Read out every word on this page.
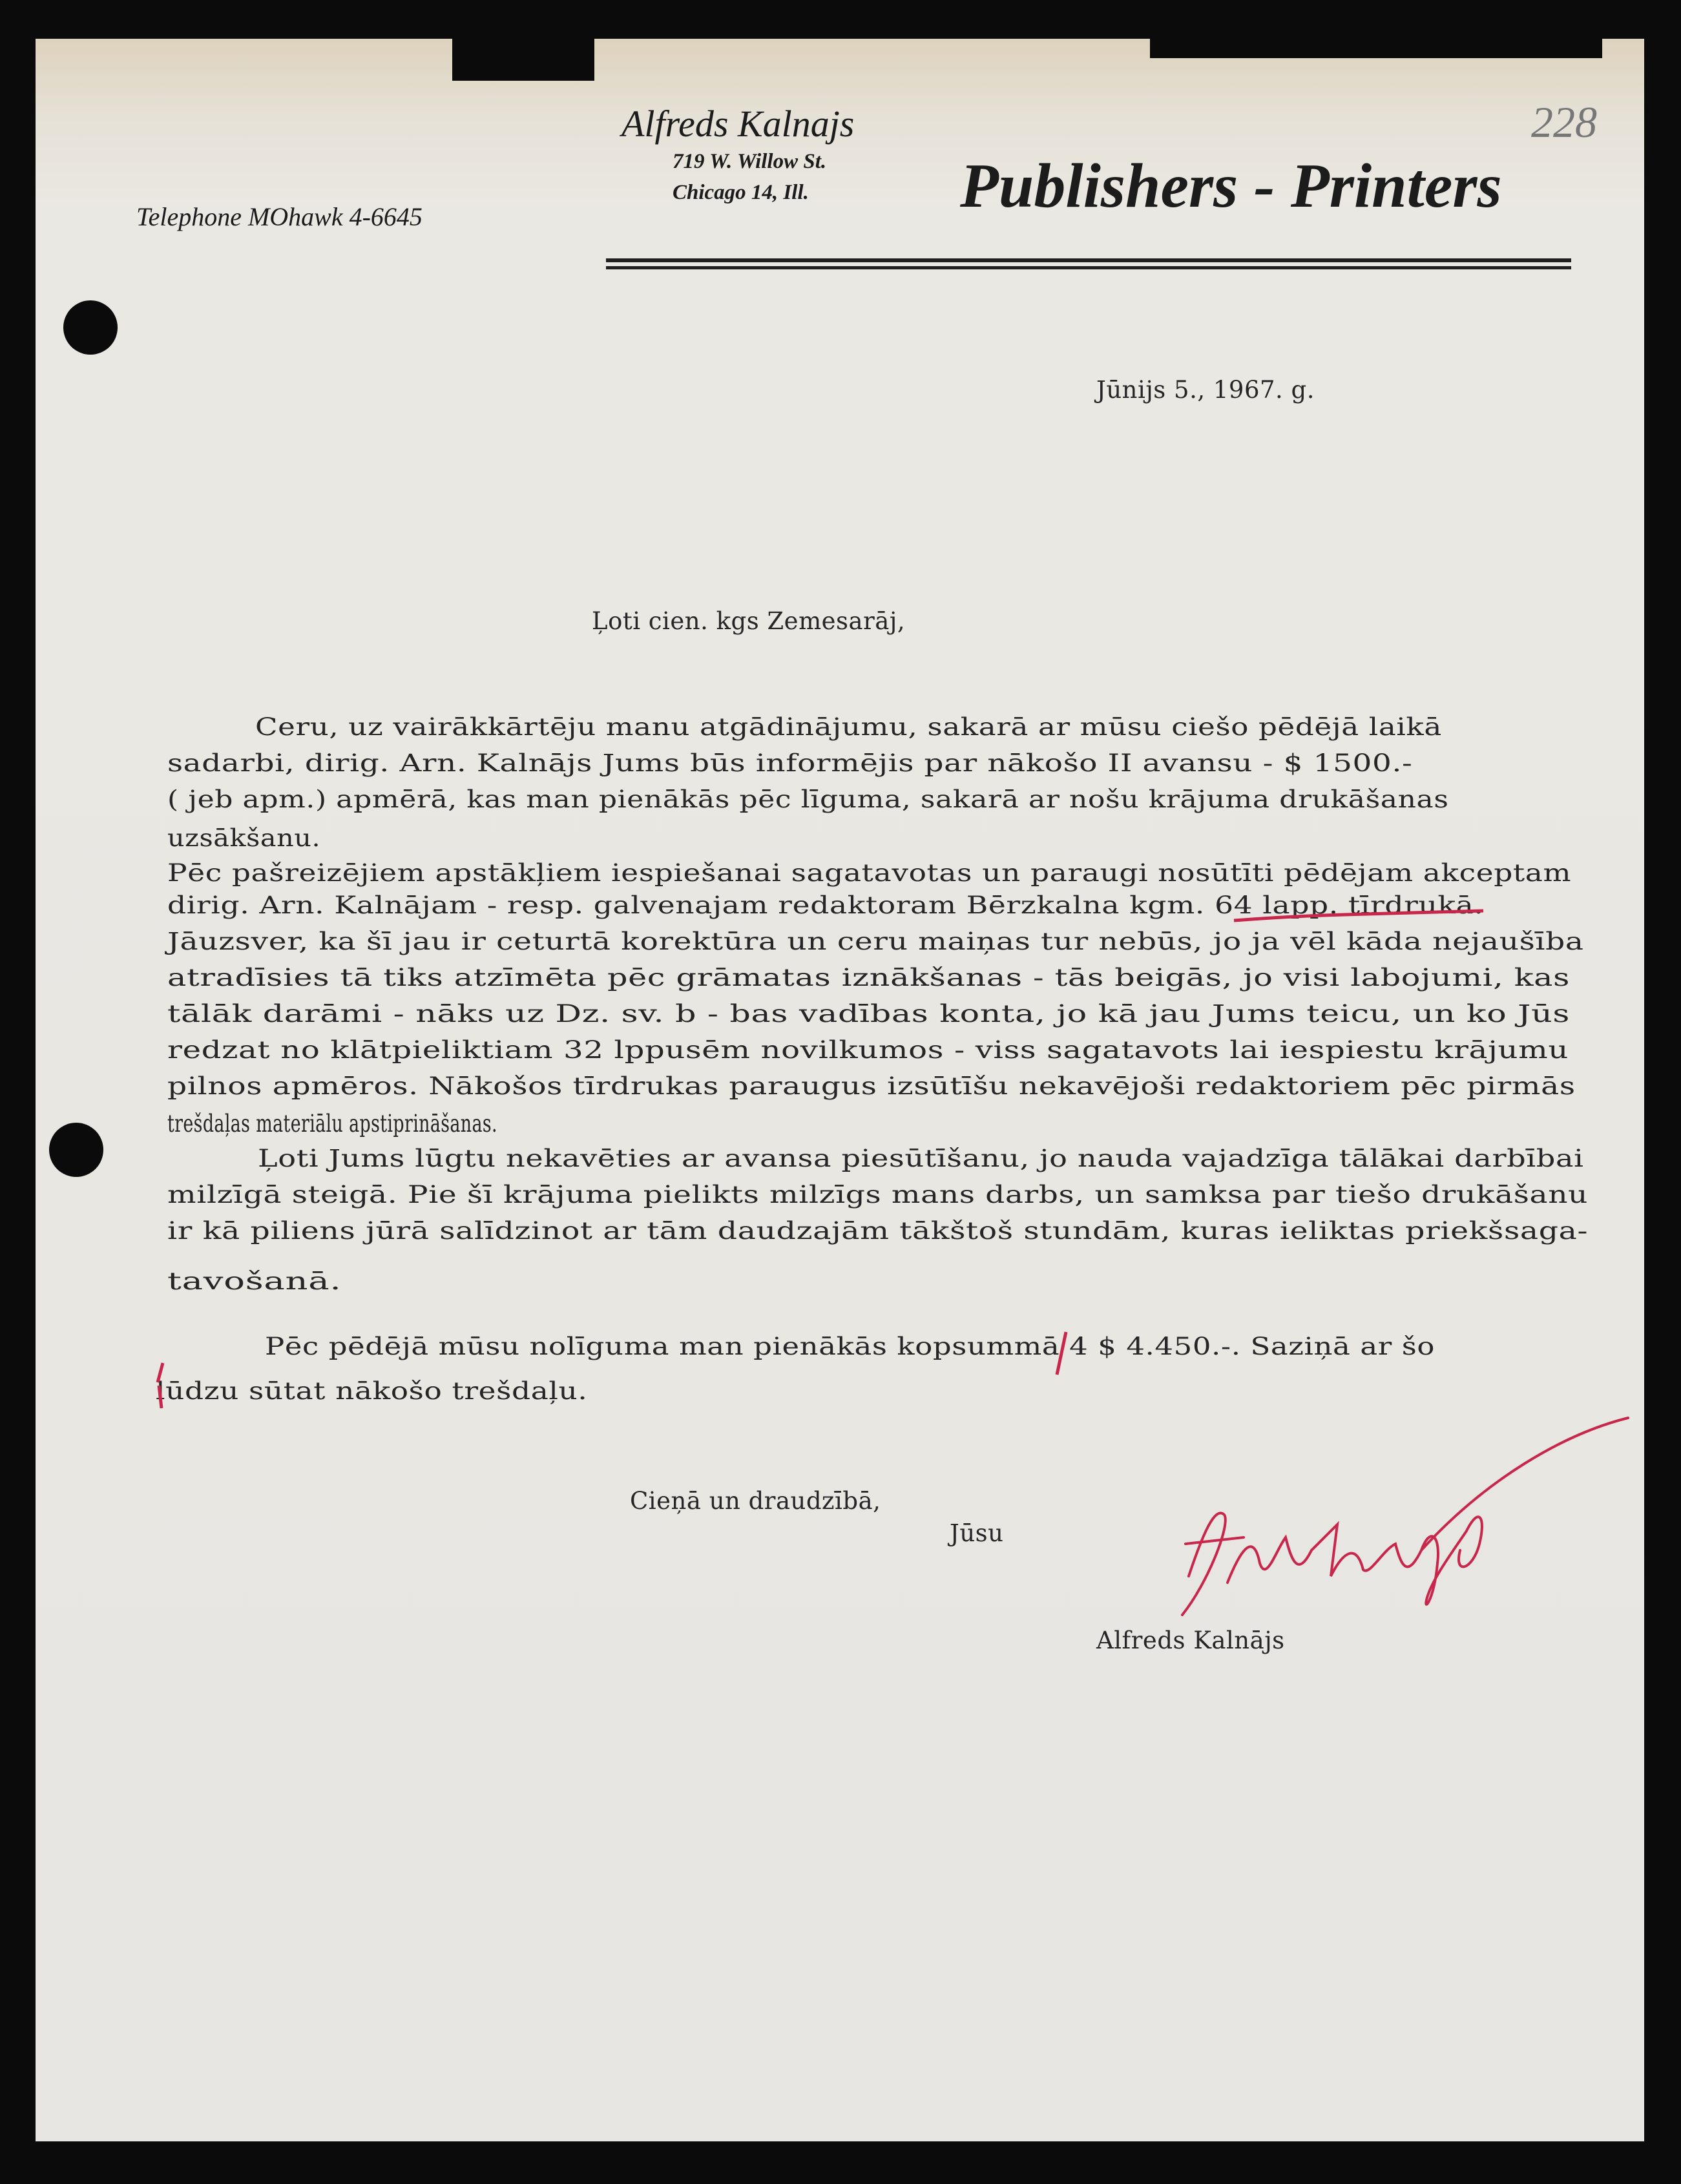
Telephone MOhawk 4-6645
Alfreds Kalnajs
719 W. Willow St.
Chicago 14, Ill. Publishers - Printers
228
Jūnijs 5., 1967. g.
Ļoti cien. kgs Zemesarāj,
Ceru, uz vairākkārtēju manu atgādinājumu, sakarā ar mūsu ciešo pēdējā laikā
sadarbi, dirig. Arn. Kalnājs Jums būs informējis par nākošo II avansu - $ 1500.-
( jeb apm.) apmērā, kas man pienākās pēc līguma, sakarā ar nošu krājuma drukāšanas
uzsākšanu.
Pēc pašreizējiem apstākļiem iespiešanai sagatavotas un paraugi nosūtīti pēdējam akceptam
dirig. Arn. Kalnājam - resp. galvenajam redaktoram Bērzkalna kgm. 64 lapp. tīrdrukā.
Jāuzsver, ka šī jau ir ceturtā korektūra un ceru maiņas tur nebūs, jo ja vēl kāda nejaušība
atradīsies tā tiks atzīmēta pēc grāmatas iznākšanas - tās beigās, jo visi labojumi, kas
tālāk darāmi - nāks uz Dz. sv. b - bas vadības konta, jo kā jau Jums teicu, un ko Jūs
redzat no klātpieliktiam 32 lppusēm novilkumos - viss sagatavots lai iespiestu krājumu
pilnos apmēros. Nākošos tīrdrukas paraugus izsūtīšu nekavējoši redaktoriem pēc pirmās
trešdaļas materiālu apstiprināšanas.
Ļoti Jums lūgtu nekavēties ar avansa piesūtīšanu, jo nauda vajadzīga tālākai darbībai
milzīgā steigā. Pie šī krājuma pielikts milzīgs mans darbs, un samksa par tiešo drukāšanu
ir kā piliens jūrā salīdzinot ar tām daudzajām tākštoš stundām, kuras ieliktas priekšsaga-
tavošanā.
Pēc pēdējā mūsu nolīguma man pienākās kopsummā 4 $ 4.450.-. Saziņā ar šo
lūdzu sūtat nākošo trešdaļu.
Cieņā un draudzībā,
Jūsu
Alfreds Kalnājs
